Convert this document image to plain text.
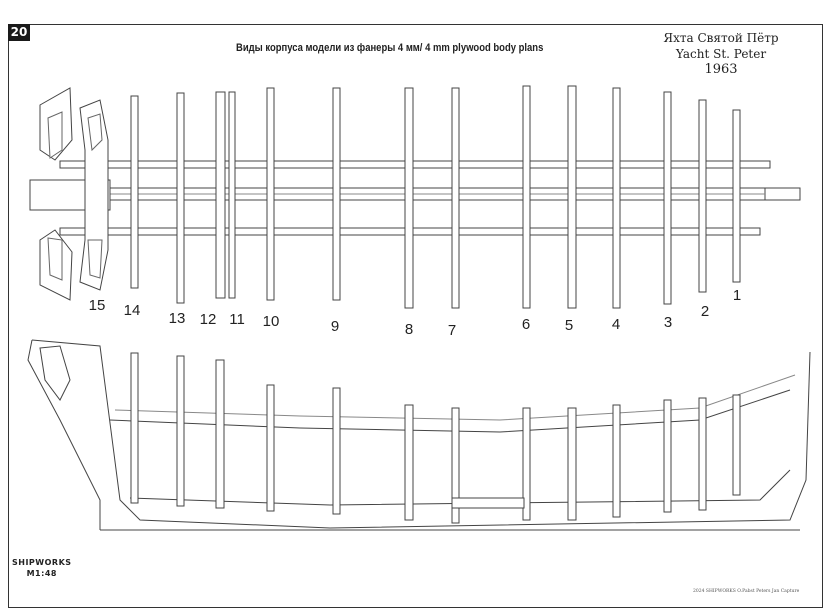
20
Виды корпуса модели из фанеры 4 мм/ 4 mm plywood body plans
Яхта Святой Пётр
Yacht St. Peter
1963
15 14 13 12 11 10	9	8 7	6 5	4	3
2
1
SHIPWORKS
M1:48
2024 SHIPWORKS O.Pabst Peters Jan Capture
